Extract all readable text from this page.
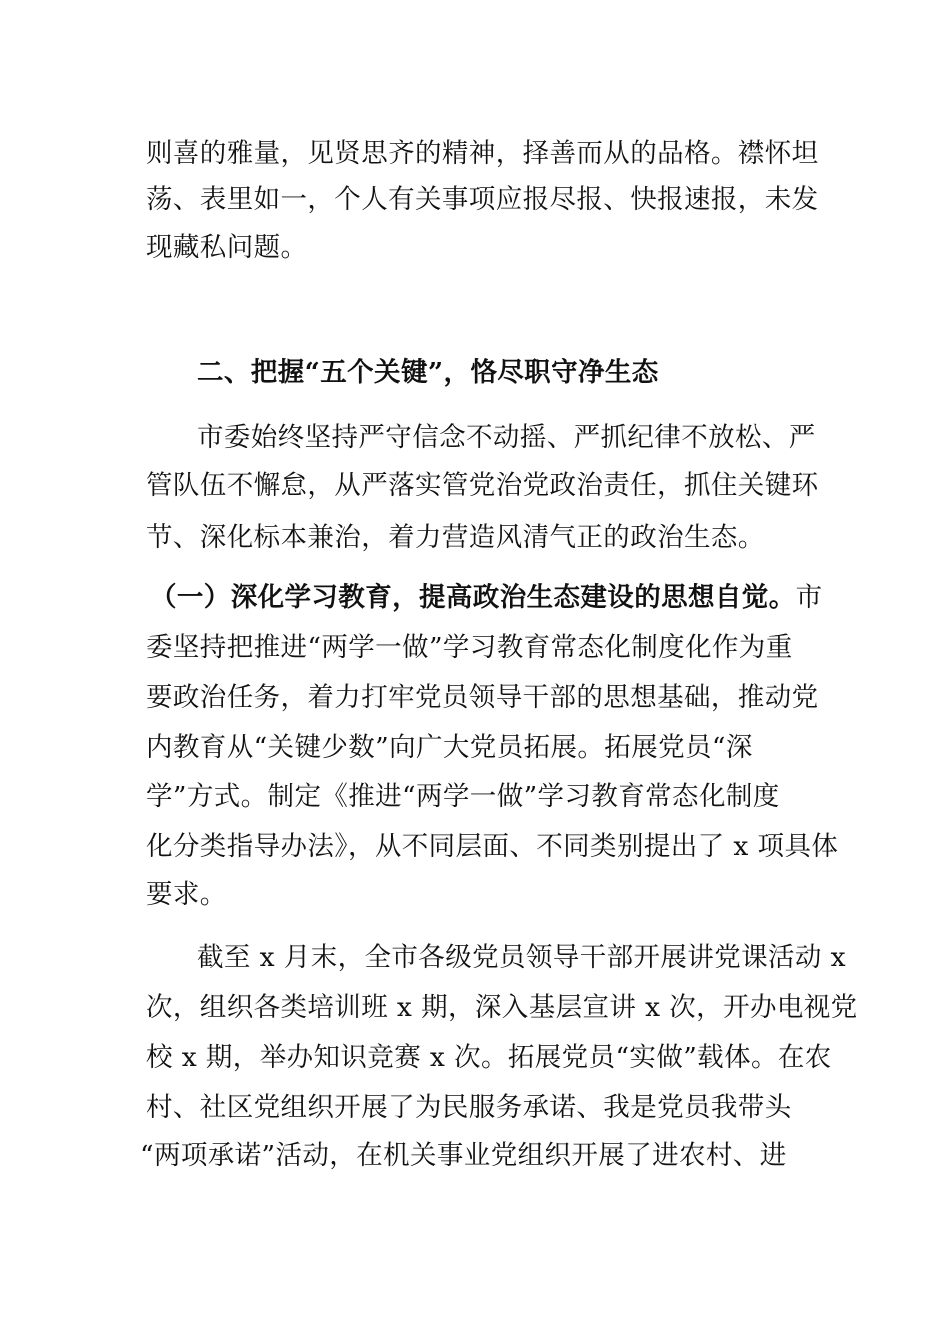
则喜的雅量，见贤思齐的精神，择善而从的品格。襟怀坦
荡、表里如一，个人有关事项应报尽报、快报速报，未发
现藏私问题。
二、把握“五个关键”，恪尽职守净生态
市委始终坚持严守信念不动摇、严抓纪律不放松、严
管队伍不懈怠，从严落实管党治党政治责任，抓住关键环
节、深化标本兼治，着力营造风清气正的政治生态。
（一）深化学习教育，提高政治生态建设的思想自觉。市
委坚持把推进“两学一做”学习教育常态化制度化作为重
要政治任务，着力打牢党员领导干部的思想基础，推动党
内教育从“关键少数”向广大党员拓展。拓展党员“深
学”方式。制定《推进“两学一做”学习教育常态化制度
化分类指导办法》，从不同层面、不同类别提出了 x 项具体
要求。
截至 x 月末，全市各级党员领导干部开展讲党课活动 x
次，组织各类培训班 x 期，深入基层宣讲 x 次，开办电视党
校 x 期，举办知识竞赛 x 次。拓展党员“实做”载体。在农
村、社区党组织开展了为民服务承诺、我是党员我带头
“两项承诺”活动，在机关事业党组织开展了进农村、进
